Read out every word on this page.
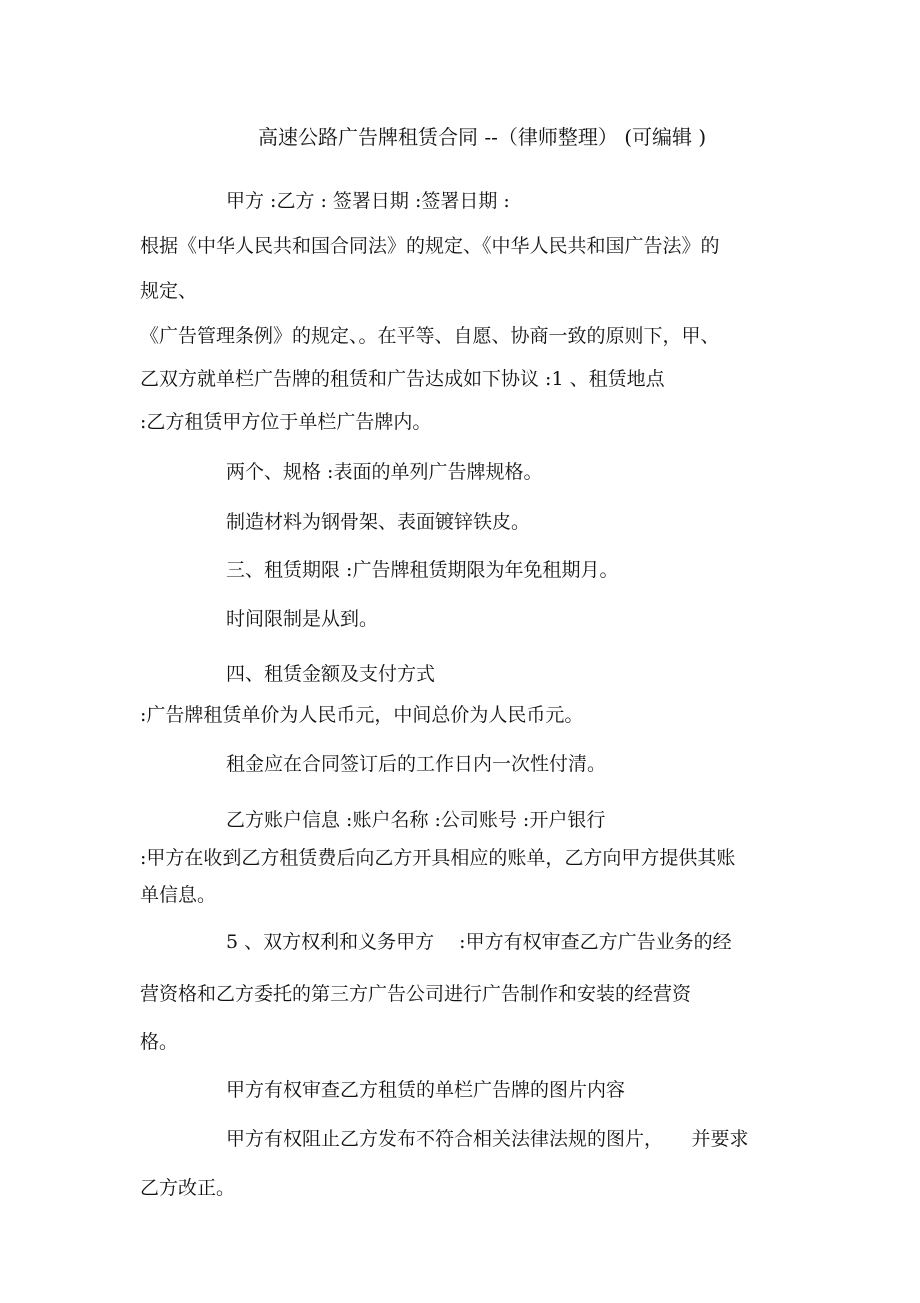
高速公路广告牌租赁合同 --（律师整理） (可编辑 )
甲方 :乙方 : 签署日期 :签署日期 :
根据《中华人民共和国合同法》的规定、《中华人民共和国广告法》的
规定、
《广告管理条例》的规定、。在平等、自愿、协商一致的原则下，甲、
乙双方就单栏广告牌的租赁和广告达成如下协议 :1 、租赁地点
:乙方租赁甲方位于单栏广告牌内。
两个、规格 :表面的单列广告牌规格。
制造材料为钢骨架、表面镀锌铁皮。
三、租赁期限 :广告牌租赁期限为年免租期月。
时间限制是从到。
四、租赁金额及支付方式
:广告牌租赁单价为人民币元，中间总价为人民币元。
租金应在合同签订后的工作日内一次性付清。
乙方账户信息 :账户名称 :公司账号 :开户银行
:甲方在收到乙方租赁费后向乙方开具相应的账单，乙方向甲方提供其账
单信息。
5 、双方权利和义务甲方　 :甲方有权审查乙方广告业务的经
营资格和乙方委托的第三方广告公司进行广告制作和安装的经营资
格。
甲方有权审查乙方租赁的单栏广告牌的图片内容
甲方有权阻止乙方发布不符合相关法律法规的图片，　　并要求
乙方改正。
